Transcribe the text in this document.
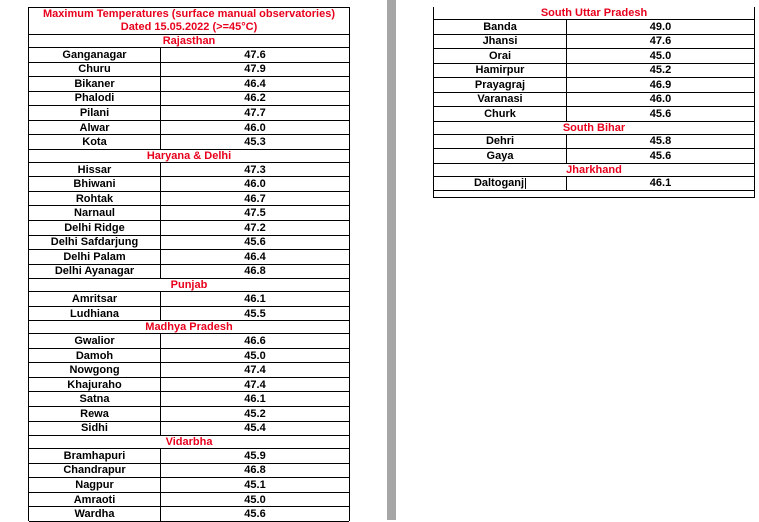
Maximum Temperatures (surface manual observatories)
Dated 15.05.2022 (>=45°C)
Rajasthan
Ganganagar	47.6
Churu	47.9
Bikaner	46.4
Phalodi	46.2
Pilani	47.7
Alwar	46.0
Kota	45.3
Haryana & Delhi
Hissar	47.3
Bhiwani	46.0
Rohtak	46.7
Narnaul	47.5
Delhi Ridge	47.2
Delhi Safdarjung	45.6
Delhi Palam	46.4
Delhi Ayanagar	46.8
Punjab
Amritsar	46.1
Ludhiana	45.5
Madhya Pradesh
Gwalior	46.6
Damoh	45.0
Nowgong	47.4
Khajuraho	47.4
Satna	46.1
Rewa	45.2
Sidhi	45.4
Vidarbha
Bramhapuri	45.9
Chandrapur	46.8
Nagpur	45.1
Amraoti	45.0
Wardha	45.6
South Uttar Pradesh
Banda	49.0
Jhansi	47.6
Orai	45.0
Hamirpur	45.2
Prayagraj	46.9
Varanasi	46.0
Churk	45.6
South Bihar
Dehri	45.8
Gaya	45.6
Jharkhand
Daltoganj	46.1
